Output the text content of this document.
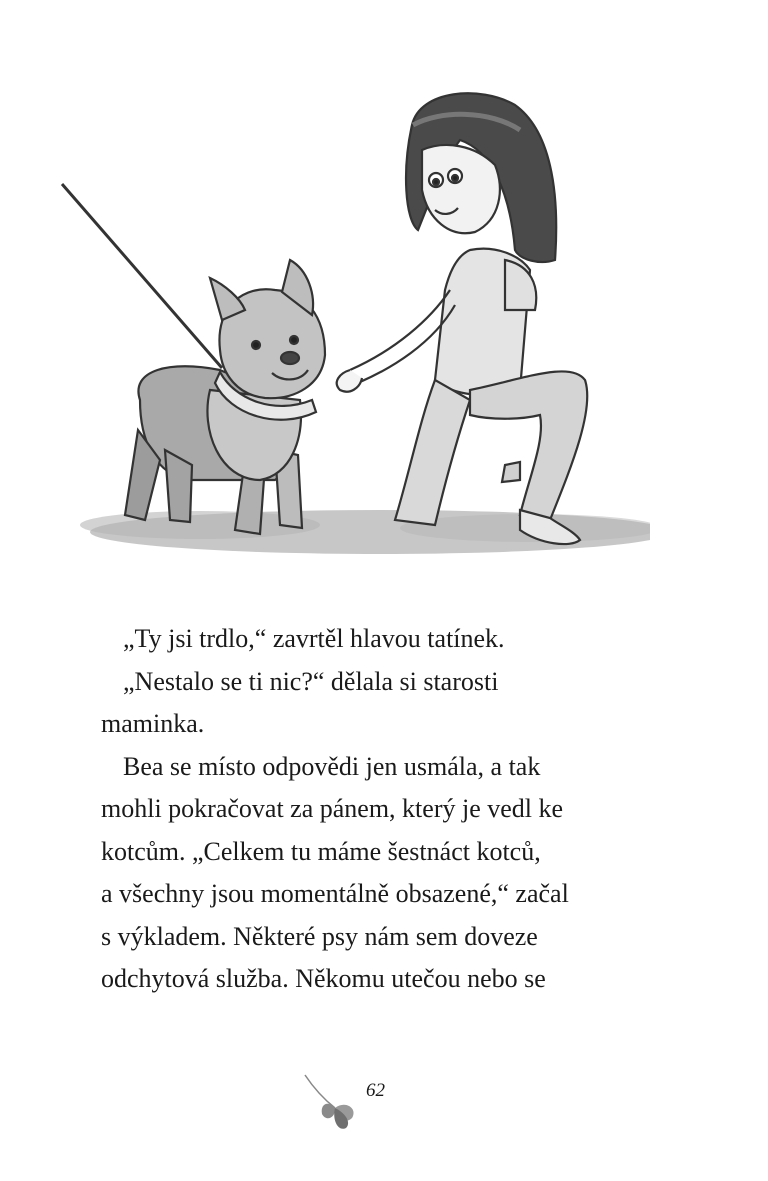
„Ty jsi trdlo,“ zavrtěl hlavou tatínek.
„Nestalo se ti nic?“ dělala si starosti
maminka.
Bea se místo odpovědi jen usmála, a tak
mohli pokračovat za pánem, který je vedl ke
kotcům. „Celkem tu máme šestnáct kotců,
a všechny jsou momentálně obsazené,“ začal
s výkladem. Některé psy nám sem doveze
odchytová služba. Někomu utečou nebo se
62
